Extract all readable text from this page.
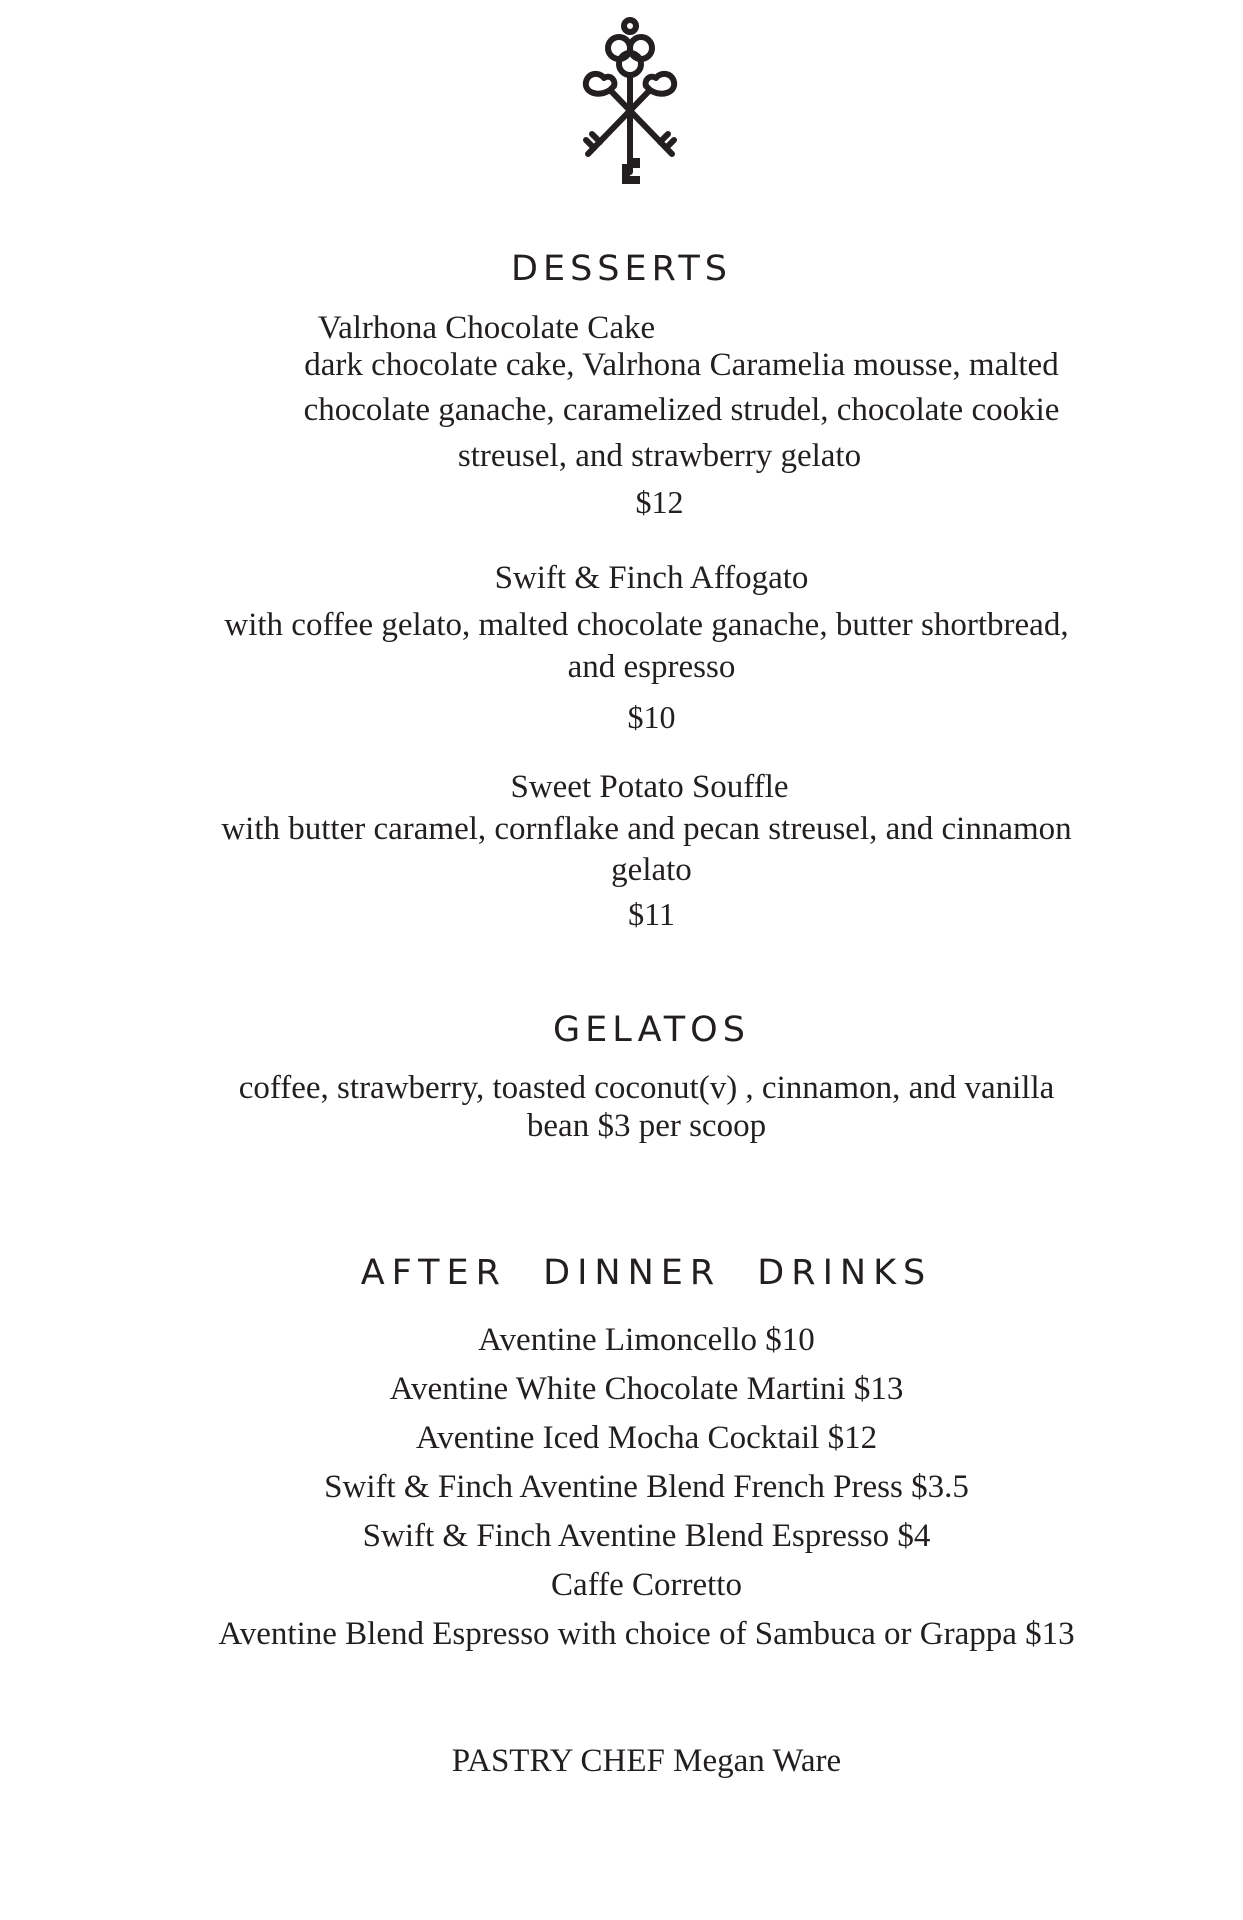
DESSERTS
Valrhona Chocolate Cake
dark chocolate cake, Valrhona Caramelia mousse, malted
chocolate ganache, caramelized strudel, chocolate cookie
streusel, and strawberry gelato
$12
Swift & Finch Affogato
with coffee gelato, malted chocolate ganache, butter shortbread,
and espresso
$10
Sweet Potato Souffle
with butter caramel, cornflake and pecan streusel, and cinnamon
gelato
$11
GELATOS
coffee, strawberry, toasted coconut(v) , cinnamon, and vanilla
bean $3 per scoop
AFTER DINNER DRINKS
Aventine Limoncello $10
Aventine White Chocolate Martini $13
Aventine Iced Mocha Cocktail $12
Swift & Finch Aventine Blend French Press $3.5
Swift & Finch Aventine Blend Espresso $4
Caffe Corretto
Aventine Blend Espresso with choice of Sambuca or Grappa $13
PASTRY CHEF Megan Ware
